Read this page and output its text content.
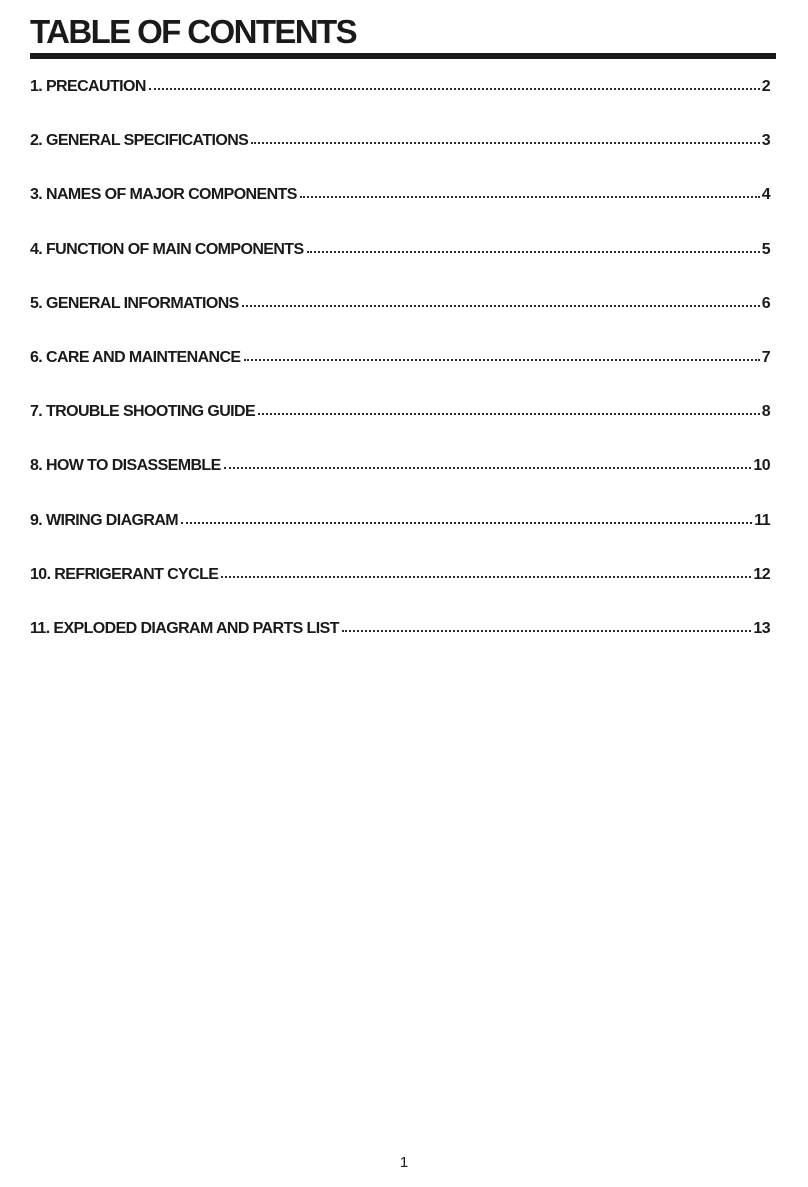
TABLE OF CONTENTS
1. PRECAUTION	2
2. GENERAL SPECIFICATIONS	3
3. NAMES OF MAJOR COMPONENTS	4
4. FUNCTION OF MAIN COMPONENTS	5
5. GENERAL INFORMATIONS	6
6. CARE AND MAINTENANCE	7
7. TROUBLE SHOOTING GUIDE	8
8. HOW TO DISASSEMBLE	10
9. WIRING DIAGRAM	11
10. REFRIGERANT CYCLE	12
11. EXPLODED DIAGRAM AND PARTS LIST	13
1
